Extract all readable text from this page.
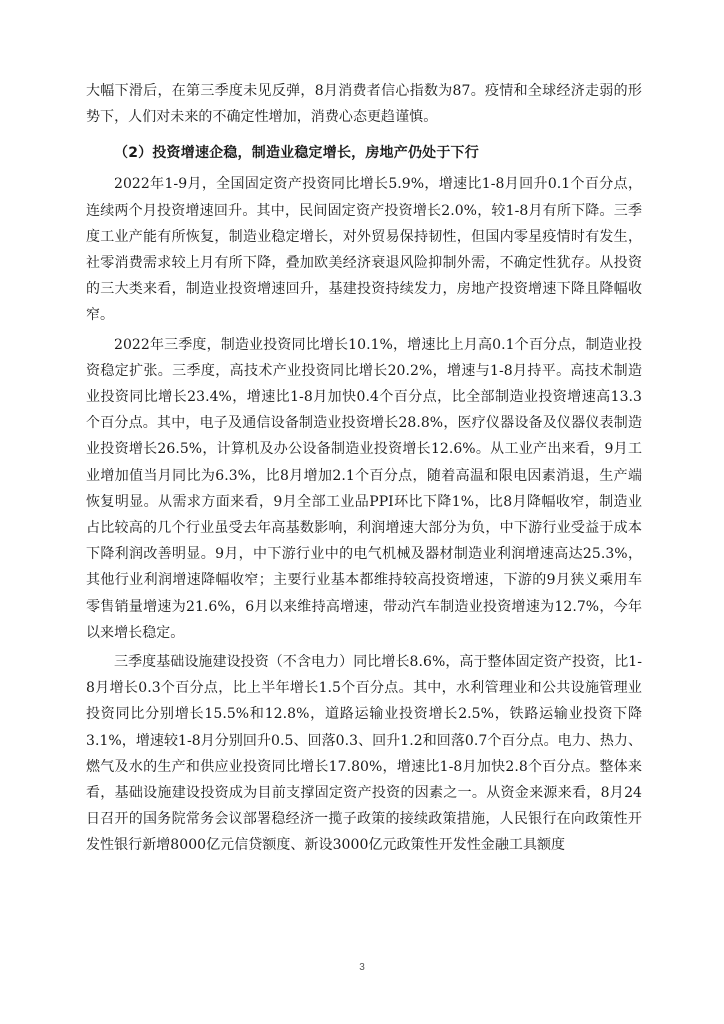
大幅下滑后，在第三季度未见反弹，8月消费者信心指数为87。疫情和全球经济走弱的形势下，人们对未来的不确定性增加，消费心态更趋谨慎。

（2）投资增速企稳，制造业稳定增长，房地产仍处于下行

2022年1-9月，全国固定资产投资同比增长5.9%，增速比1-8月回升0.1个百分点，连续两个月投资增速回升。其中，民间固定资产投资增长2.0%，较1-8月有所下降。三季度工业产能有所恢复，制造业稳定增长，对外贸易保持韧性，但国内零星疫情时有发生，社零消费需求较上月有所下降，叠加欧美经济衰退风险抑制外需，不确定性犹存。从投资的三大类来看，制造业投资增速回升，基建投资持续发力，房地产投资增速下降且降幅收窄。

2022年三季度，制造业投资同比增长10.1%，增速比上月高0.1个百分点，制造业投资稳定扩张。三季度，高技术产业投资同比增长20.2%，增速与1-8月持平。高技术制造业投资同比增长23.4%，增速比1-8月加快0.4个百分点，比全部制造业投资增速高13.3个百分点。其中，电子及通信设备制造业投资增长28.8%，医疗仪器设备及仪器仪表制造业投资增长26.5%，计算机及办公设备制造业投资增长12.6%。从工业产出来看，9月工业增加值当月同比为6.3%，比8月增加2.1个百分点，随着高温和限电因素消退，生产端恢复明显。从需求方面来看，9月全部工业品PPI环比下降1%，比8月降幅收窄，制造业占比较高的几个行业虽受去年高基数影响，利润增速大部分为负，中下游行业受益于成本下降利润改善明显。9月，中下游行业中的电气机械及器材制造业利润增速高达25.3%，其他行业利润增速降幅收窄；主要行业基本都维持较高投资增速，下游的9月狭义乘用车零售销量增速为21.6%，6月以来维持高增速，带动汽车制造业投资增速为12.7%，今年以来增长稳定。

三季度基础设施建设投资（不含电力）同比增长8.6%，高于整体固定资产投资，比1-8月增长0.3个百分点，比上半年增长1.5个百分点。其中，水利管理业和公共设施管理业投资同比分别增长15.5%和12.8%，道路运输业投资增长2.5%，铁路运输业投资下降3.1%，增速较1-8月分别回升0.5、回落0.3、回升1.2和回落0.7个百分点。电力、热力、燃气及水的生产和供应业投资同比增长17.80%，增速比1-8月加快2.8个百分点。整体来看，基础设施建设投资成为目前支撑固定资产投资的因素之一。从资金来源来看，8月24日召开的国务院常务会议部署稳经济一揽子政策的接续政策措施，人民银行在向政策性开发性银行新增8000亿元信贷额度、新设3000亿元政策性开发性金融工具额度

3
